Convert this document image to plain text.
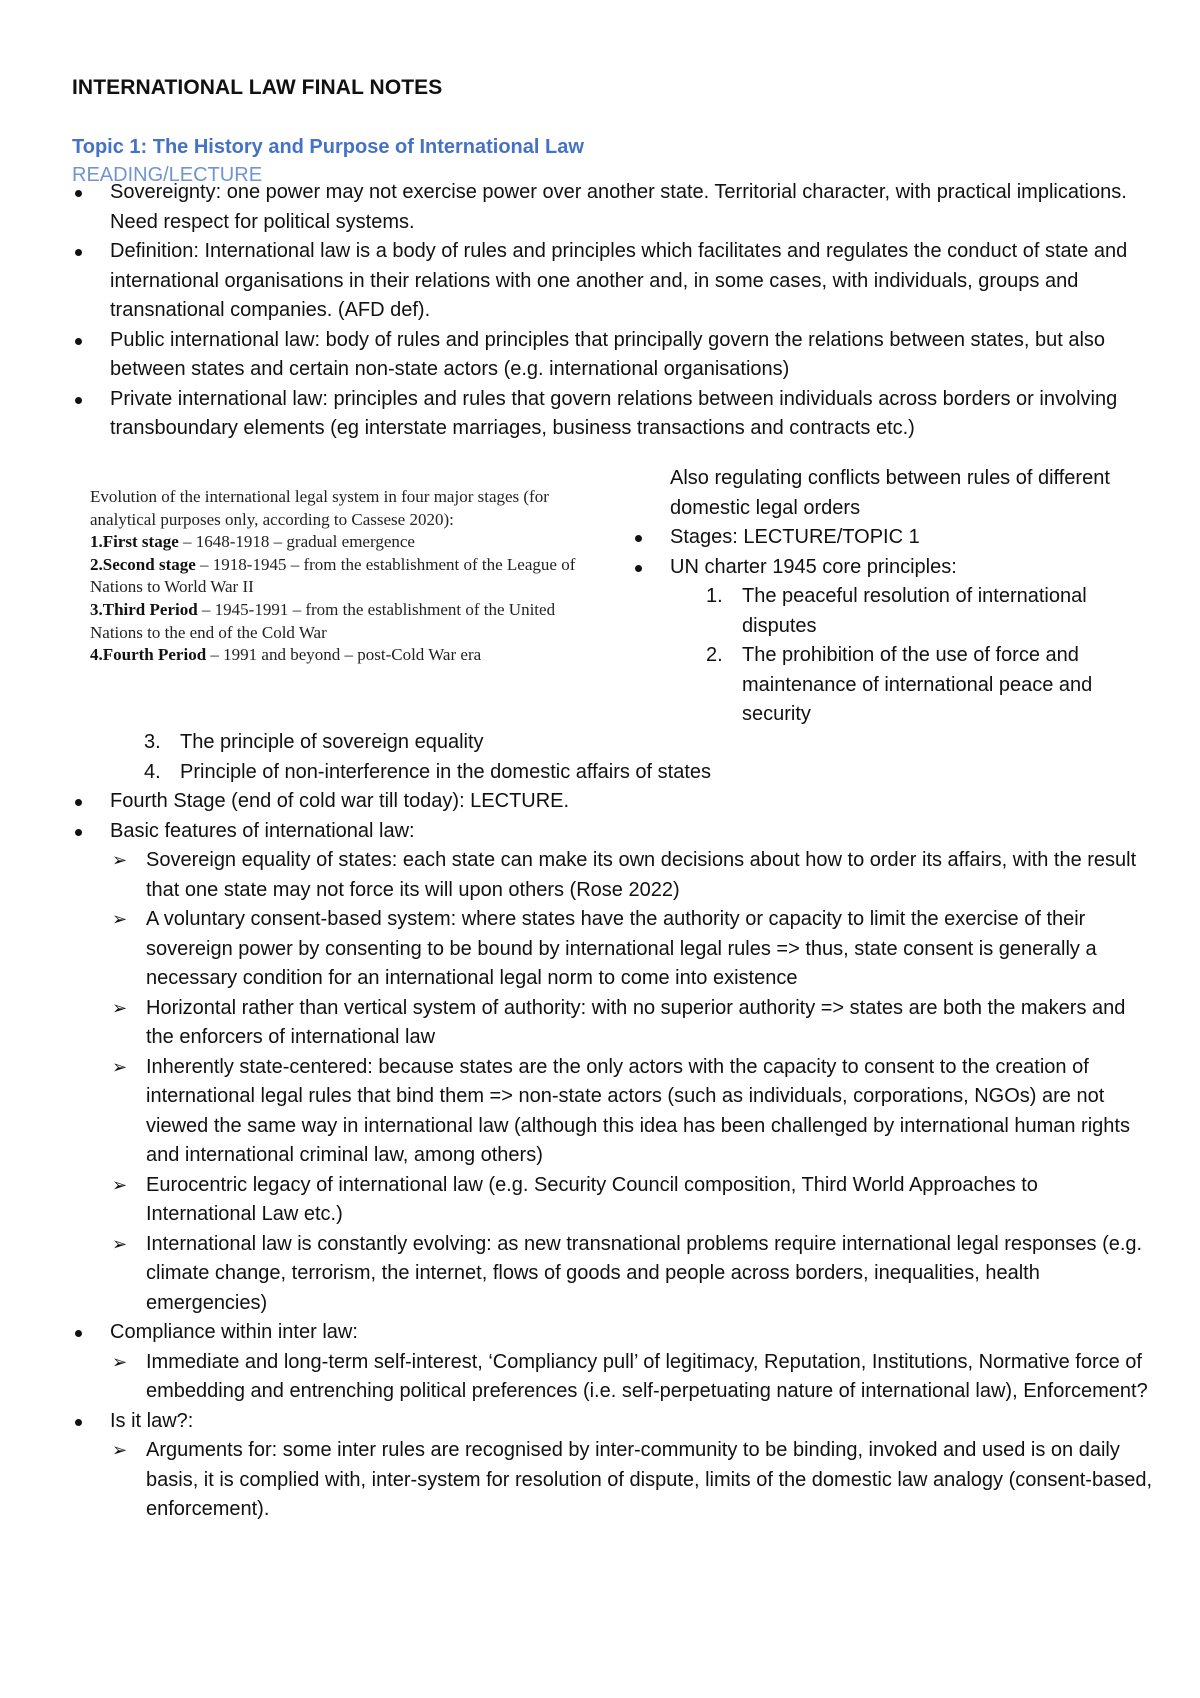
INTERNATIONAL LAW FINAL NOTES
Topic 1: The History and Purpose of International Law
READING/LECTURE
Sovereignty: one power may not exercise power over another state. Territorial character, with practical implications. Need respect for political systems.
Definition: International law is a body of rules and principles which facilitates and regulates the conduct of state and international organisations in their relations with one another and, in some cases, with individuals, groups and transnational companies. (AFD def).
Public international law: body of rules and principles that principally govern the relations between states, but also between states and certain non-state actors (e.g. international organisations)
Private international law: principles and rules that govern relations between individuals across borders or involving transboundary elements (eg interstate marriages, business transactions and contracts etc.)
Evolution of the international legal system in four major stages (for analytical purposes only, according to Cassese 2020):
1.First stage – 1648-1918 – gradual emergence
2.Second stage – 1918-1945 – from the establishment of the League of Nations to World War II
3.Third Period – 1945-1991 – from the establishment of the United Nations to the end of the Cold War
4.Fourth Period – 1991 and beyond – post-Cold War era
Also regulating conflicts between rules of different domestic legal orders
Stages: LECTURE/TOPIC 1
UN charter 1945 core principles:
1. The peaceful resolution of international disputes
2. The prohibition of the use of force and maintenance of international peace and security
3. The principle of sovereign equality
4. Principle of non-interference in the domestic affairs of states
Fourth Stage (end of cold war till today): LECTURE.
Basic features of international law:
➢ Sovereign equality of states: each state can make its own decisions about how to order its affairs, with the result that one state may not force its will upon others (Rose 2022)
➢ A voluntary consent-based system: where states have the authority or capacity to limit the exercise of their sovereign power by consenting to be bound by international legal rules => thus, state consent is generally a necessary condition for an international legal norm to come into existence
➢ Horizontal rather than vertical system of authority: with no superior authority => states are both the makers and the enforcers of international law
➢ Inherently state-centered: because states are the only actors with the capacity to consent to the creation of international legal rules that bind them => non-state actors (such as individuals, corporations, NGOs) are not viewed the same way in international law (although this idea has been challenged by international human rights and international criminal law, among others)
➢ Eurocentric legacy of international law (e.g. Security Council composition, Third World Approaches to International Law etc.)
➢ International law is constantly evolving: as new transnational problems require international legal responses (e.g. climate change, terrorism, the internet, flows of goods and people across borders, inequalities, health emergencies)
Compliance within inter law:
➢ Immediate and long-term self-interest, ‘Compliancy pull’ of legitimacy, Reputation, Institutions, Normative force of embedding and entrenching political preferences (i.e. self-perpetuating nature of international law), Enforcement?
Is it law?:
➢ Arguments for: some inter rules are recognised by inter-community to be binding, invoked and used is on daily basis, it is complied with, inter-system for resolution of dispute, limits of the domestic law analogy (consent-based, enforcement).
